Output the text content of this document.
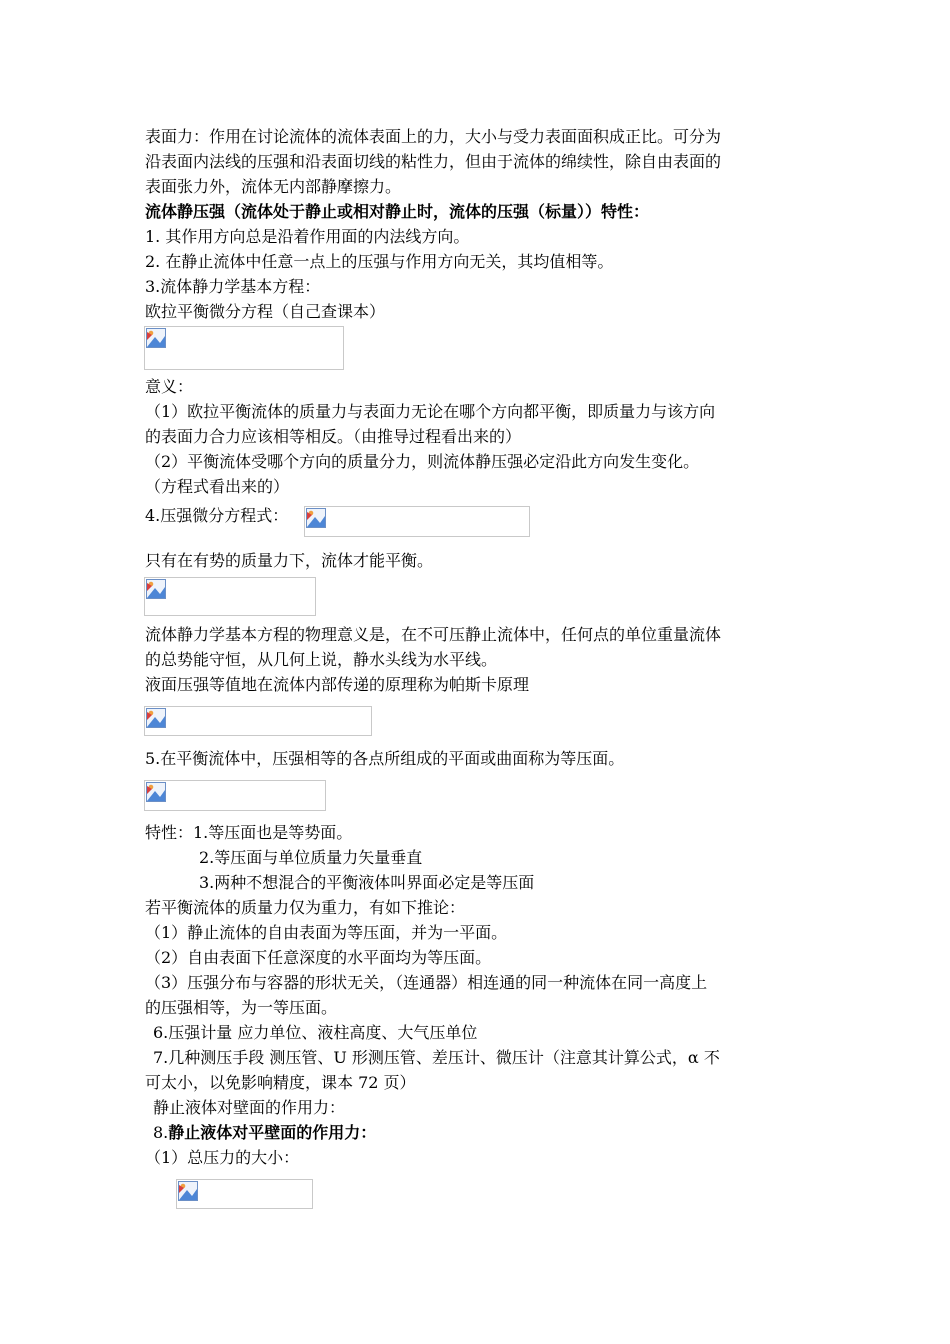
表面力：作用在讨论流体的流体表面上的力，大小与受力表面面积成正比。可分为
沿表面内法线的压强和沿表面切线的粘性力，但由于流体的绵续性，除自由表面的
表面张力外，流体无内部静摩擦力。
流体静压强（流体处于静止或相对静止时，流体的压强（标量））特性：
1. 其作用方向总是沿着作用面的内法线方向。
2. 在静止流体中任意一点上的压强与作用方向无关，其均值相等。
3.流体静力学基本方程：
欧拉平衡微分方程（自己查课本）
意义：
（1）欧拉平衡流体的质量力与表面力无论在哪个方向都平衡，即质量力与该方向
的表面力合力应该相等相反。（由推导过程看出来的）
（2）平衡流体受哪个方向的质量分力，则流体静压强必定沿此方向发生变化。
（方程式看出来的）
4.压强微分方程式：
只有在有势的质量力下，流体才能平衡。
流体静力学基本方程的物理意义是，在不可压静止流体中，任何点的单位重量流体
的总势能守恒，从几何上说，静水头线为水平线。
液面压强等值地在流体内部传递的原理称为帕斯卡原理
5.在平衡流体中，压强相等的各点所组成的平面或曲面称为等压面。
特性：1.等压面也是等势面。
2.等压面与单位质量力矢量垂直
3.两种不想混合的平衡液体叫界面必定是等压面
若平衡流体的质量力仅为重力，有如下推论：
（1）静止流体的自由表面为等压面，并为一平面。
（2）自由表面下任意深度的水平面均为等压面。
（3）压强分布与容器的形状无关，（连通器）相连通的同一种流体在同一高度上
的压强相等，为一等压面。
6.压强计量 应力单位、液柱高度、大气压单位
7.几种测压手段 测压管、U 形测压管、差压计、微压计（注意其计算公式，α 不
可太小，以免影响精度，课本 72 页）
静止液体对壁面的作用力：
8.静止液体对平壁面的作用力：
（1）总压力的大小：
